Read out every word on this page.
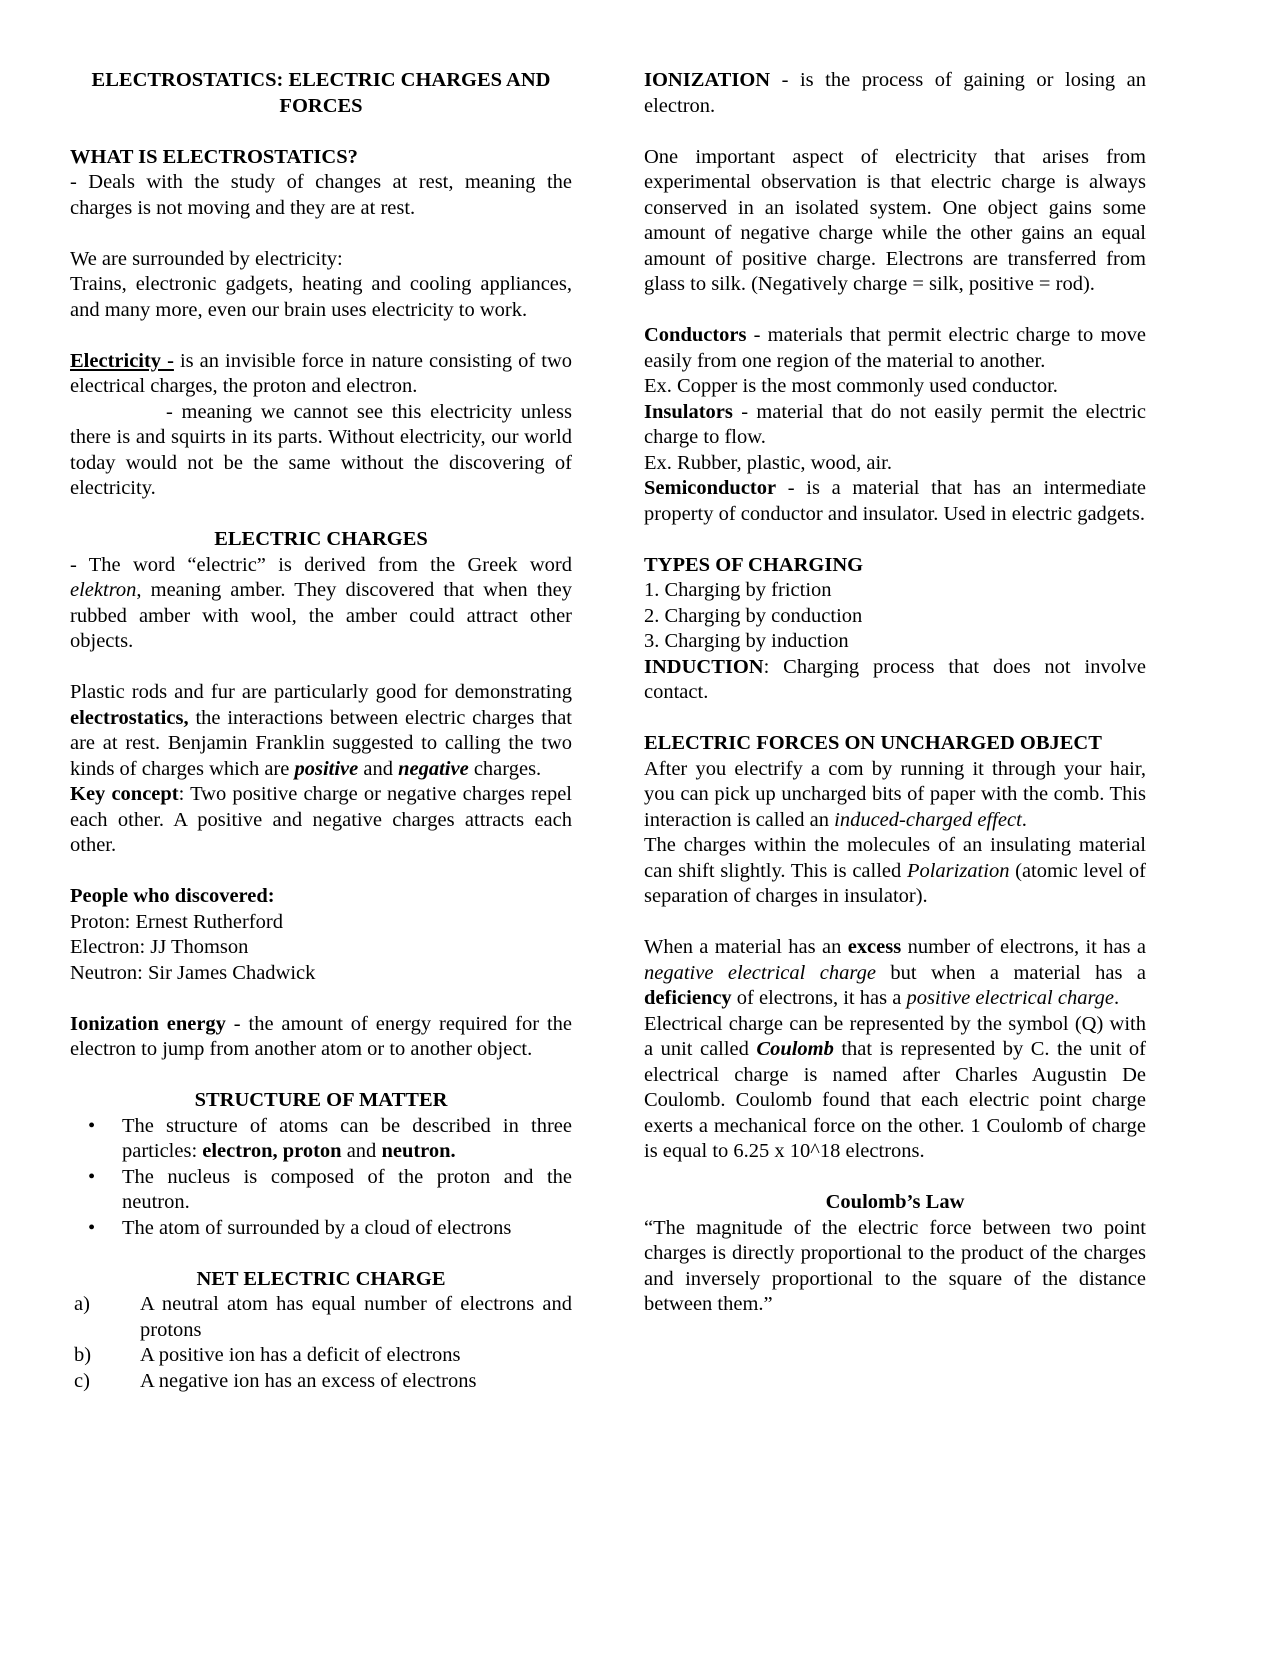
ELECTROSTATICS: ELECTRIC CHARGES AND FORCES
WHAT IS ELECTROSTATICS?

- Deals with the study of changes at rest, meaning the charges is not moving and they are at rest.

We are surrounded by electricity:

Trains, electronic gadgets, heating and cooling appliances, and many more, even our brain uses electricity to work.

Electricity - is an invisible force in nature consisting of two electrical charges, the proton and electron.

- meaning we cannot see this electricity unless there is and squirts in its parts. Without electricity, our world today would not be the same without the discovering of electricity.

ELECTRIC CHARGES

- The word “electric” is derived from the Greek word elektron, meaning amber. They discovered that when they rubbed amber with wool, the amber could attract other objects.

Plastic rods and fur are particularly good for demonstrating electrostatics, the interactions between electric charges that are at rest. Benjamin Franklin suggested to calling the two kinds of charges which are positive and negative charges.

Key concept: Two positive charge or negative charges repel each other. A positive and negative charges attracts each other.

People who discovered:

Proton: Ernest Rutherford

Electron: JJ Thomson

Neutron: Sir James Chadwick

Ionization energy - the amount of energy required for the electron to jump from another atom or to another object.

STRUCTURE OF MATTER
• The structure of atoms can be described in three particles: electron, proton and neutron.
• The nucleus is composed of the proton and the neutron.
• The atom of surrounded by a cloud of electrons
NET ELECTRIC CHARGE
a) A neutral atom has equal number of electrons and protons
b) A positive ion has a deficit of electrons
c) A negative ion has an excess of electrons

IONIZATION - is the process of gaining or losing an electron.

One important aspect of electricity that arises from experimental observation is that electric charge is always conserved in an isolated system. One object gains some amount of negative charge while the other gains an equal amount of positive charge. Electrons are transferred from glass to silk. (Negatively charge = silk, positive = rod).

Conductors - materials that permit electric charge to move easily from one region of the material to another.

Ex. Copper is the most commonly used conductor.

Insulators - material that do not easily permit the electric charge to flow.

Ex. Rubber, plastic, wood, air.

Semiconductor - is a material that has an intermediate property of conductor and insulator. Used in electric gadgets.

TYPES OF CHARGING
1. Charging by friction
2. Charging by conduction
3. Charging by induction

INDUCTION: Charging process that does not involve contact.

ELECTRIC FORCES ON UNCHARGED OBJECT

After you electrify a com by running it through your hair, you can pick up uncharged bits of paper with the comb. This interaction is called an induced-charged effect.

The charges within the molecules of an insulating material can shift slightly. This is called Polarization (atomic level of separation of charges in insulator).

When a material has an excess number of electrons, it has a negative electrical charge but when a material has a deficiency of electrons, it has a positive electrical charge.

Electrical charge can be represented by the symbol (Q) with a unit called Coulomb that is represented by C. the unit of electrical charge is named after Charles Augustin De Coulomb. Coulomb found that each electric point charge exerts a mechanical force on the other. 1 Coulomb of charge is equal to 6.25 x 10^18 electrons.

Coulomb’s Law

“The magnitude of the electric force between two point charges is directly proportional to the product of the charges and inversely proportional to the square of the distance between them.”
